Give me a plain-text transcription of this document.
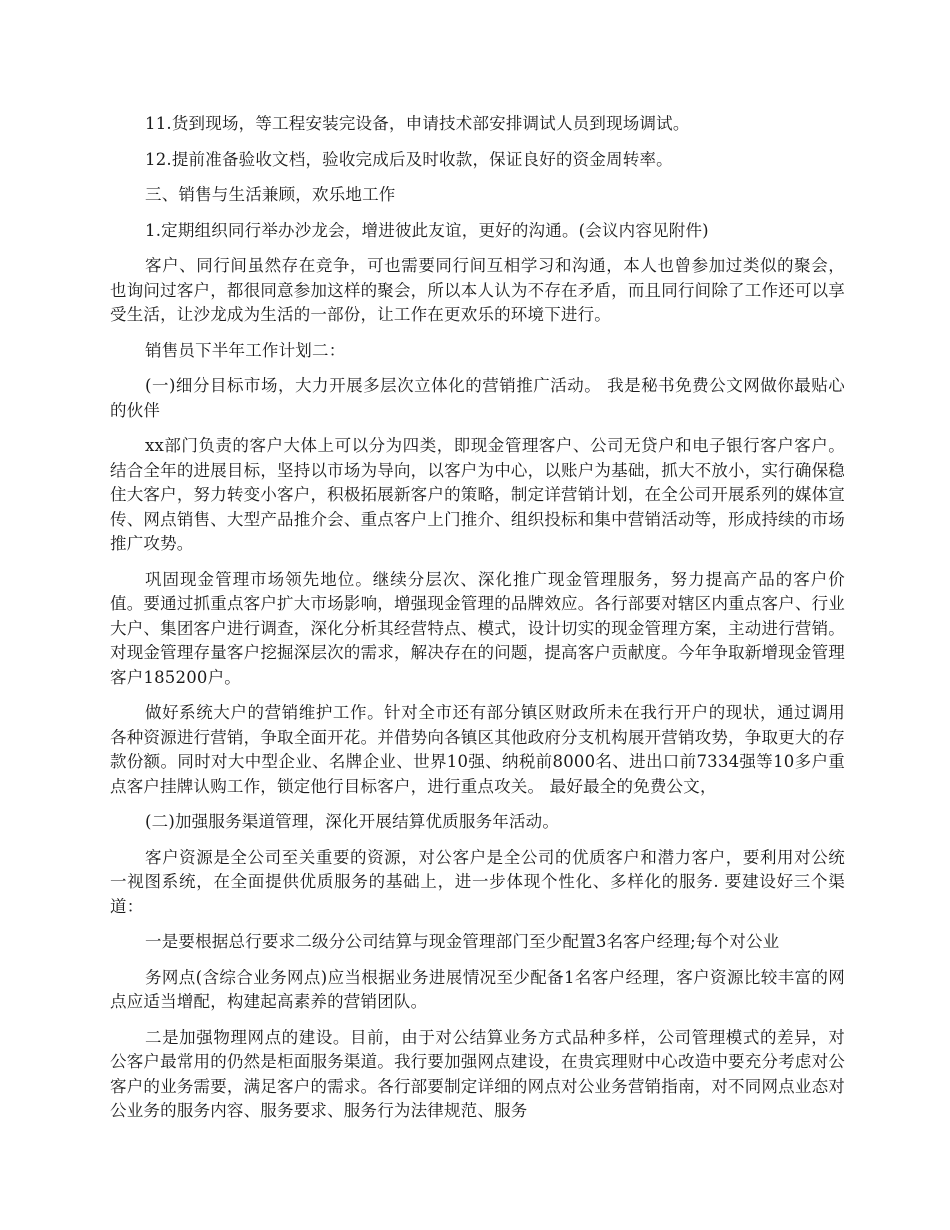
11.货到现场，等工程安装完设备，申请技术部安排调试人员到现场调试。

12.提前准备验收文档，验收完成后及时收款，保证良好的资金周转率。

三、销售与生活兼顾，欢乐地工作

1.定期组织同行举办沙龙会，增进彼此友谊，更好的沟通。(会议内容见附件)

客户、同行间虽然存在竞争，可也需要同行间互相学习和沟通，本人也曾参加过类似的聚会，也询问过客户，都很同意参加这样的聚会，所以本人认为不存在矛盾，而且同行间除了工作还可以享受生活，让沙龙成为生活的一部份，让工作在更欢乐的环境下进行。

销售员下半年工作计划二：

(一)细分目标市场，大力开展多层次立体化的营销推广活动。 我是秘书免费公文网做你最贴心的伙伴

xx部门负责的客户大体上可以分为四类，即现金管理客户、公司无贷户和电子银行客户客户。结合全年的进展目标，坚持以市场为导向，以客户为中心，以账户为基础，抓大不放小，实行确保稳住大客户，努力转变小客户，积极拓展新客户的策略，制定详营销计划，在全公司开展系列的媒体宣传、网点销售、大型产品推介会、重点客户上门推介、组织投标和集中营销活动等，形成持续的市场推广攻势。

巩固现金管理市场领先地位。继续分层次、深化推广现金管理服务，努力提高产品的客户价值。要通过抓重点客户扩大市场影响，增强现金管理的品牌效应。各行部要对辖区内重点客户、行业大户、集团客户进行调查，深化分析其经营特点、模式，设计切实的现金管理方案，主动进行营销。对现金管理存量客户挖掘深层次的需求，解决存在的问题，提高客户贡献度。今年争取新增现金管理客户185200户。

做好系统大户的营销维护工作。针对全市还有部分镇区财政所未在我行开户的现状，通过调用各种资源进行营销，争取全面开花。并借势向各镇区其他政府分支机构展开营销攻势，争取更大的存款份额。同时对大中型企业、名牌企业、世界10强、纳税前8000名、进出口前7334强等10多户重点客户挂牌认购工作，锁定他行目标客户，进行重点攻关。 最好最全的免费公文，

(二)加强服务渠道管理，深化开展结算优质服务年活动。

客户资源是全公司至关重要的资源，对公客户是全公司的优质客户和潜力客户，要利用对公统一视图系统，在全面提供优质服务的基础上，进一步体现个性化、多样化的服务. 要建设好三个渠道：

一是要根据总行要求二级分公司结算与现金管理部门至少配置3名客户经理;每个对公业

务网点(含综合业务网点)应当根据业务进展情况至少配备1名客户经理，客户资源比较丰富的网点应适当增配，构建起高素养的营销团队。

二是加强物理网点的建设。目前，由于对公结算业务方式品种多样，公司管理模式的差异，对公客户最常用的仍然是柜面服务渠道。我行要加强网点建设，在贵宾理财中心改造中要充分考虑对公客户的业务需要，满足客户的需求。各行部要制定详细的网点对公业务营销指南，对不同网点业态对公业务的服务内容、服务要求、服务行为法律规范、服务
